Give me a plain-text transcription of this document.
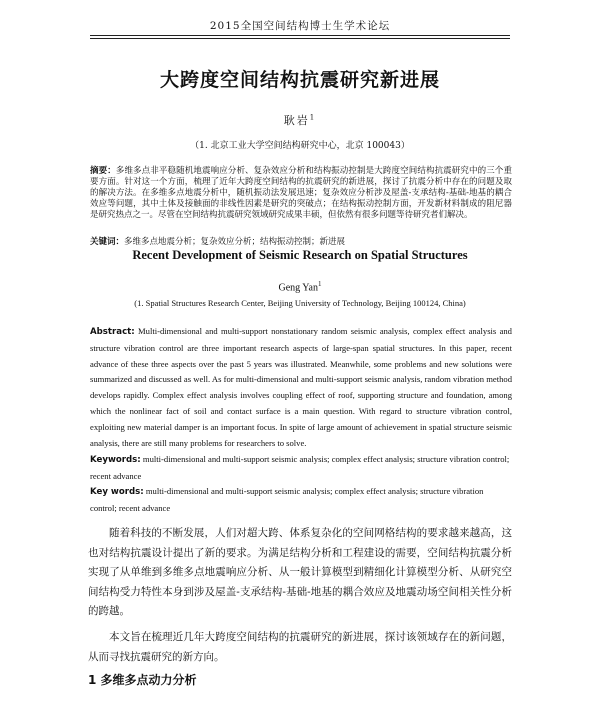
2015全国空间结构博士生学术论坛
大跨度空间结构抗震研究新进展
耿岩$^1$
（1. 北京工业大学空间结构研究中心，北京 100043）

摘要：多维多点非平稳随机地震响应分析、复杂效应分析和结构振动控制是大跨度空间结构抗震研究中的三个重要方面。针对这一个方面，梳理了近年大跨度空间结构的抗震研究的新进展，探讨了抗震分析中存在的问题及取的解决方法。在多维多点地震分析中，随机振动法发展迅速；复杂效应分析涉及屋盖-支承结构-基础-地基的耦合效应等问题，其中土体及接触面的非线性因素是研究的突破点；在结构振动控制方面，开发新材料制成的阻尼器是研究热点之一。尽管在空间结构抗震研究领域研究成果丰硕，但依然有很多问题等待研究者们解决。

关键词：多维多点地震分析；复杂效应分析；结构振动控制；新进展

Recent Development of Seismic Research on Spatial Structures
Geng Yan$^1$
(1. Spatial Structures Research Center, Beijing University of Technology, Beijing 100124, China)

Abstract: Multi-dimensional and multi-support nonstationary random seismic analysis, complex effect analysis and structure vibration control are three important research aspects of large-span spatial structures. In this paper, recent advance of these three aspects over the past 5 years was illustrated. Meanwhile, some problems and new solutions were summarized and discussed as well. As for multi-dimensional and multi-support seismic analysis, random vibration method develops rapidly. Complex effect analysis involves coupling effect of roof, supporting structure and foundation, among which the nonlinear fact of soil and contact surface is a main question. With regard to structure vibration control, exploiting new material damper is an important focus. In spite of large amount of achievement in spatial structure seismic analysis, there are still many problems for researchers to solve.

Keywords: multi-dimensional and multi-support seismic analysis; complex effect analysis; structure vibration control; recent advance

Key words: multi-dimensional and multi-support seismic analysis; complex effect analysis; structure vibration control; recent advance

随着科技的不断发展，人们对超大跨、体系复杂化的空间网格结构的要求越来越高，这也对结构抗震设计提出了新的要求。为满足结构分析和工程建设的需要，空间结构抗震分析实现了从单维到多维多点地震响应分析、从一般计算模型到精细化计算模型分析、从研究空间结构受力特性本身到涉及屋盖-支承结构-基础-地基的耦合效应及地震动场空间相关性分析的跨越。

本文旨在梳理近几年大跨度空间结构的抗震研究的新进展，探讨该领域存在的新问题，从而寻找抗震研究的新方向。

1 多维多点动力分析
